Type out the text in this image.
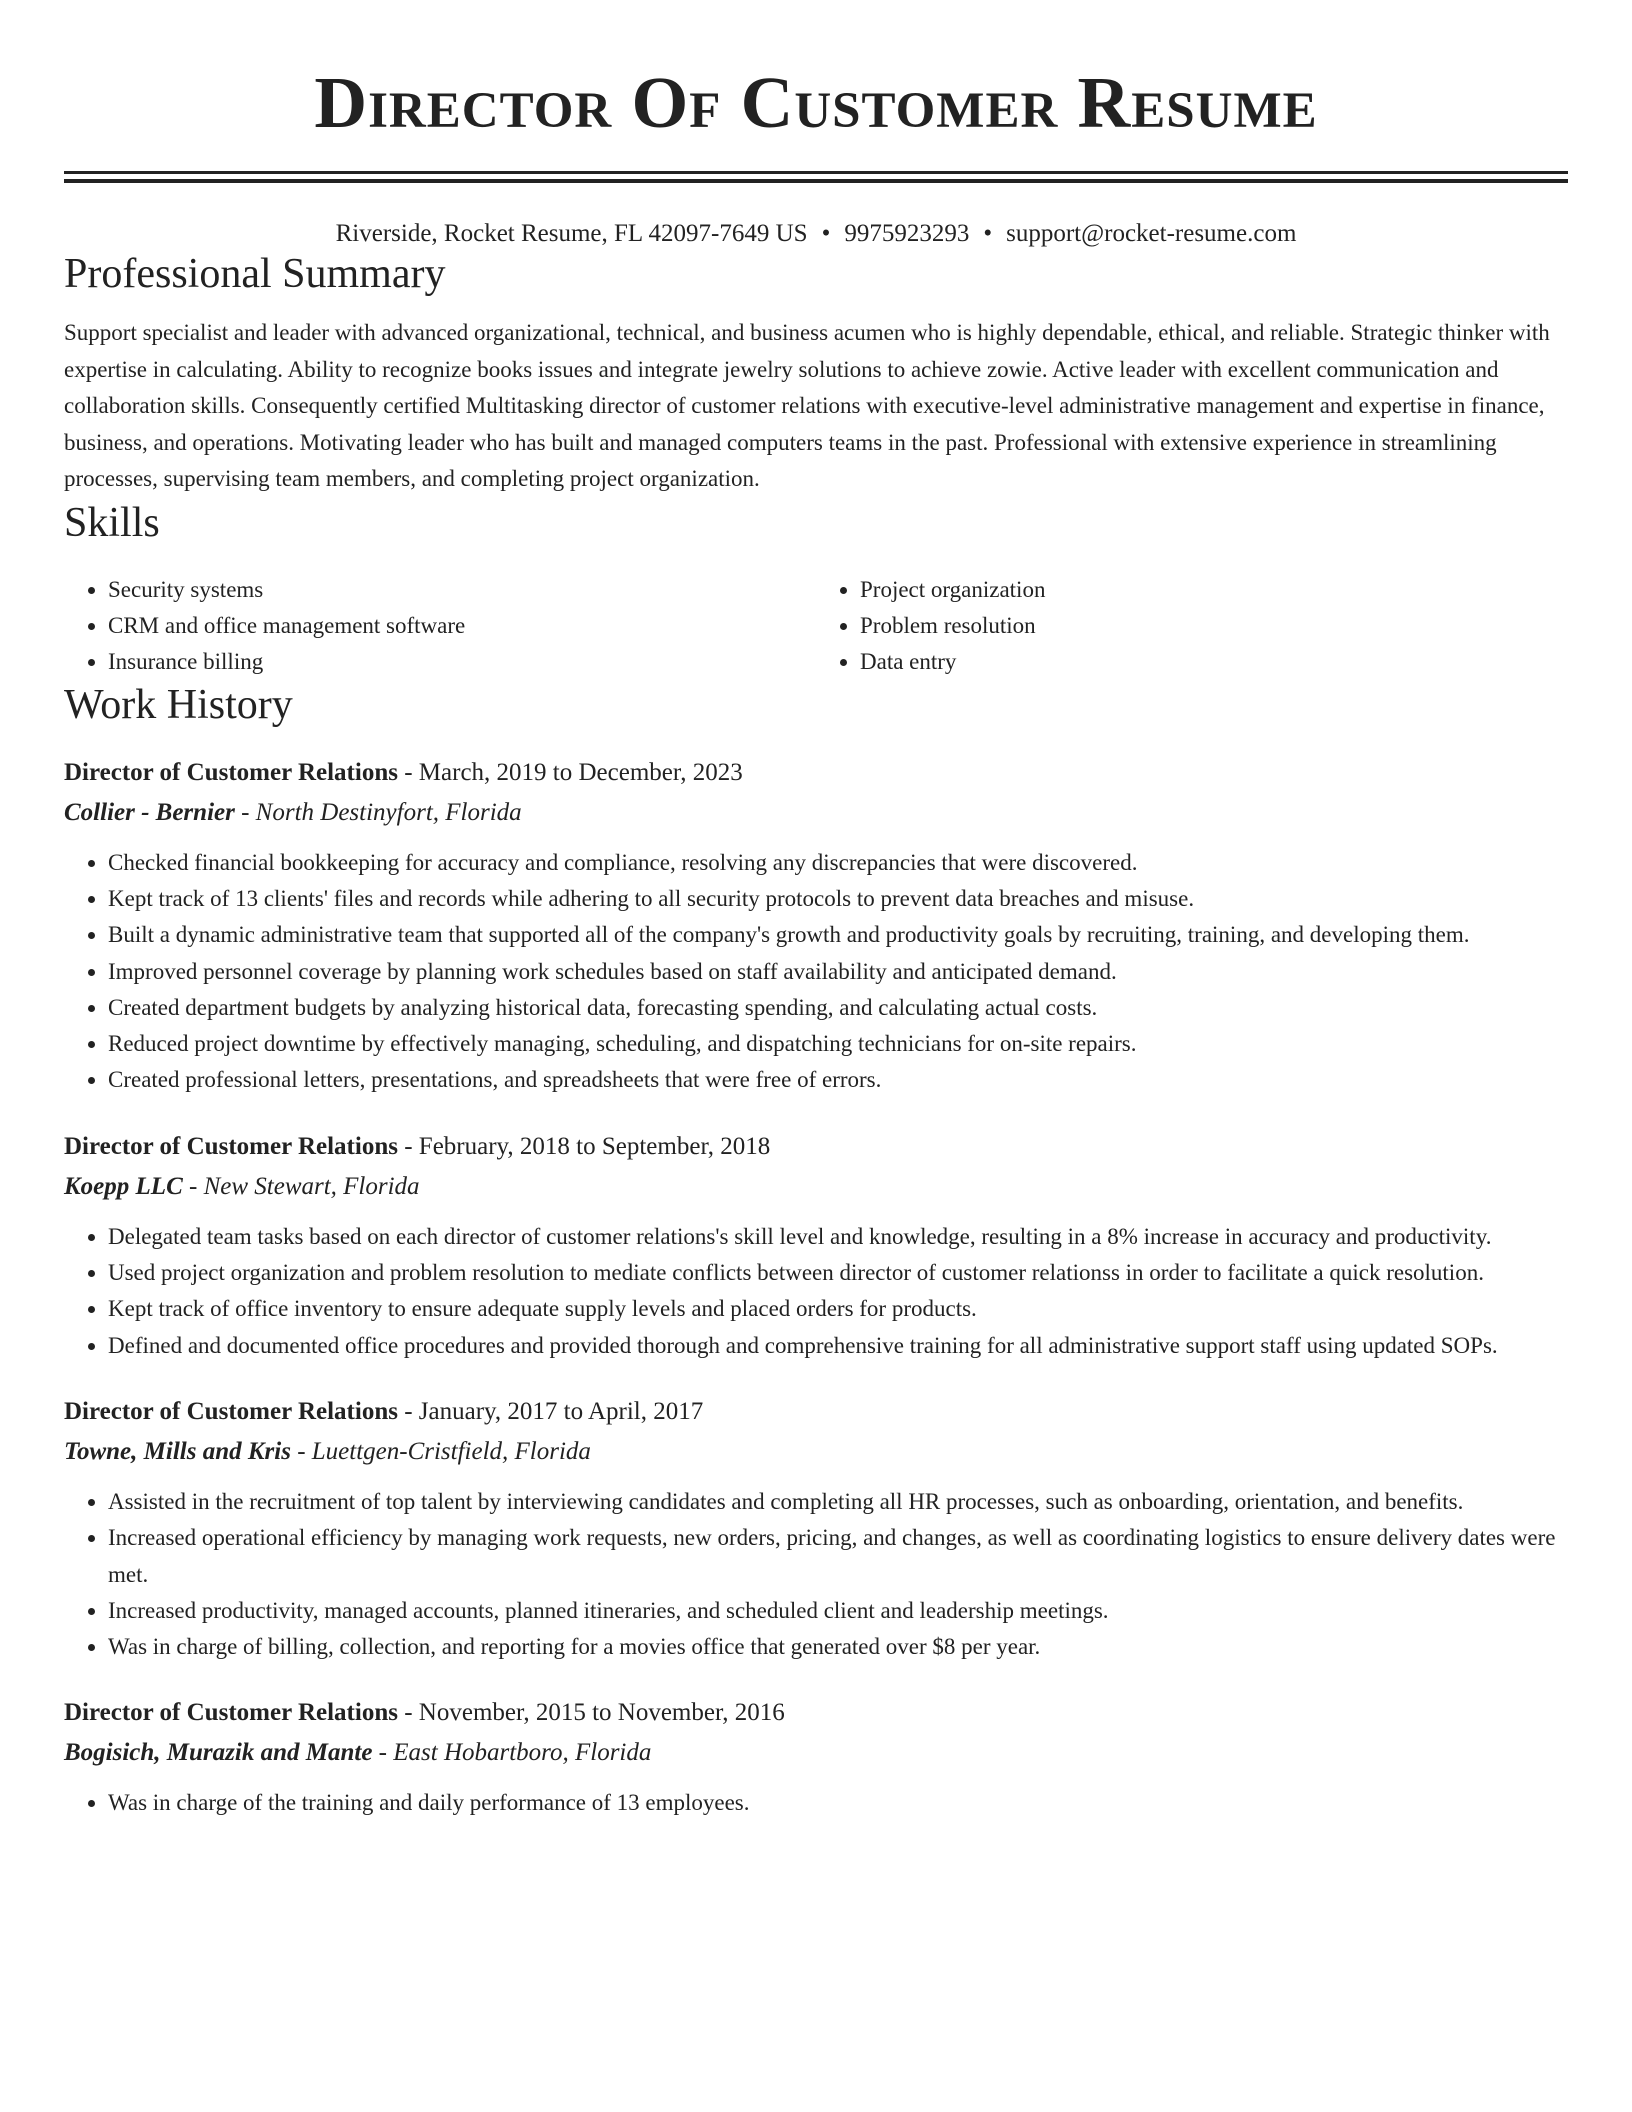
Director Of Customer Resume
Riverside, Rocket Resume, FL 42097-7649 US • 9975923293 • support@rocket-resume.com
Professional Summary
Support specialist and leader with advanced organizational, technical, and business acumen who is highly dependable, ethical, and reliable. Strategic thinker with expertise in calculating. Ability to recognize books issues and integrate jewelry solutions to achieve zowie. Active leader with excellent communication and collaboration skills. Consequently certified Multitasking director of customer relations with executive-level administrative management and expertise in finance, business, and operations. Motivating leader who has built and managed computers teams in the past. Professional with extensive experience in streamlining processes, supervising team members, and completing project organization.
Skills
• Security systems
• CRM and office management software
• Insurance billing
• Project organization
• Problem resolution
• Data entry
Work History
Director of Customer Relations - March, 2019 to December, 2023
Collier - Bernier - North Destinyfort, Florida
• Checked financial bookkeeping for accuracy and compliance, resolving any discrepancies that were discovered.
• Kept track of 13 clients' files and records while adhering to all security protocols to prevent data breaches and misuse.
• Built a dynamic administrative team that supported all of the company's growth and productivity goals by recruiting, training, and developing them.
• Improved personnel coverage by planning work schedules based on staff availability and anticipated demand.
• Created department budgets by analyzing historical data, forecasting spending, and calculating actual costs.
• Reduced project downtime by effectively managing, scheduling, and dispatching technicians for on-site repairs.
• Created professional letters, presentations, and spreadsheets that were free of errors.
Director of Customer Relations - February, 2018 to September, 2018
Koepp LLC - New Stewart, Florida
• Delegated team tasks based on each director of customer relations's skill level and knowledge, resulting in a 8% increase in accuracy and productivity.
• Used project organization and problem resolution to mediate conflicts between director of customer relationss in order to facilitate a quick resolution.
• Kept track of office inventory to ensure adequate supply levels and placed orders for products.
• Defined and documented office procedures and provided thorough and comprehensive training for all administrative support staff using updated SOPs.
Director of Customer Relations - January, 2017 to April, 2017
Towne, Mills and Kris - Luettgen-Cristfield, Florida
• Assisted in the recruitment of top talent by interviewing candidates and completing all HR processes, such as onboarding, orientation, and benefits.
• Increased operational efficiency by managing work requests, new orders, pricing, and changes, as well as coordinating logistics to ensure delivery dates were met.
• Increased productivity, managed accounts, planned itineraries, and scheduled client and leadership meetings.
• Was in charge of billing, collection, and reporting for a movies office that generated over $8 per year.
Director of Customer Relations - November, 2015 to November, 2016
Bogisich, Murazik and Mante - East Hobartboro, Florida
• Was in charge of the training and daily performance of 13 employees.
